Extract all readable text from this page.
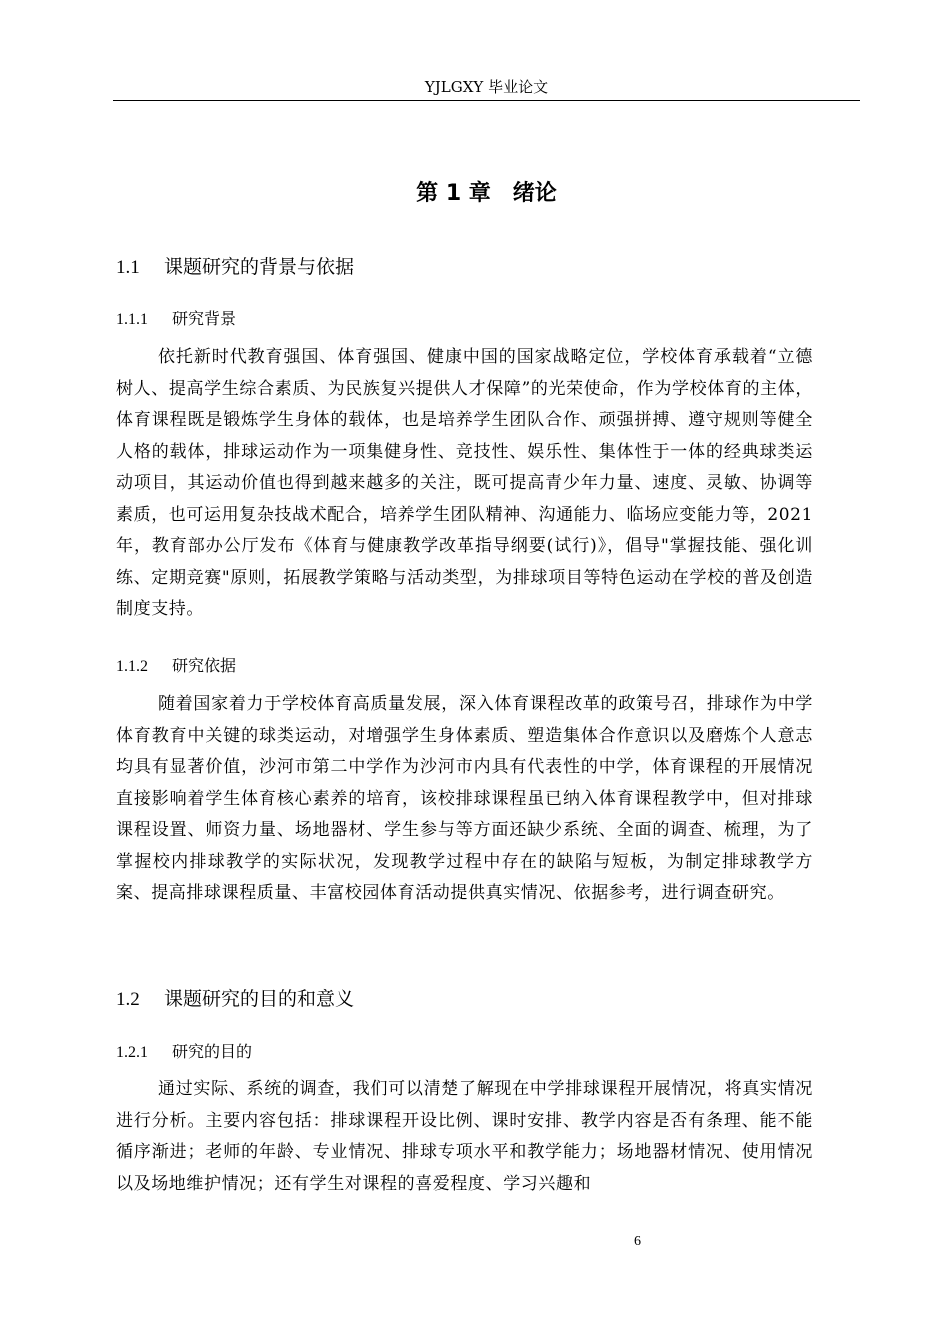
YJLGXY 毕业论文
第 1 章　绪论
1.1 课题研究的背景与依据
1.1.1 研究背景
依托新时代教育强国、体育强国、健康中国的国家战略定位，学校体育承载着“立德树人、提高学生综合素质、为民族复兴提供人才保障”的光荣使命，作为学校体育的主体，体育课程既是锻炼学生身体的载体，也是培养学生团队合作、顽强拼搏、遵守规则等健全人格的载体，排球运动作为一项集健身性、竞技性、娱乐性、集体性于一体的经典球类运动项目，其运动价值也得到越来越多的关注，既可提高青少年力量、速度、灵敏、协调等素质，也可运用复杂技战术配合，培养学生团队精神、沟通能力、临场应变能力等，2021 年，教育部办公厅发布《体育与健康教学改革指导纲要(试行)》，倡导"掌握技能、强化训练、定期竞赛"原则，拓展教学策略与活动类型，为排球项目等特色运动在学校的普及创造制度支持。
1.1.2 研究依据
随着国家着力于学校体育高质量发展，深入体育课程改革的政策号召，排球作为中学体育教育中关键的球类运动，对增强学生身体素质、塑造集体合作意识以及磨炼个人意志均具有显著价值，沙河市第二中学作为沙河市内具有代表性的中学，体育课程的开展情况直接影响着学生体育核心素养的培育，该校排球课程虽已纳入体育课程教学中，但对排球课程设置、师资力量、场地器材、学生参与等方面还缺少系统、全面的调查、梳理，为了掌握校内排球教学的实际状况，发现教学过程中存在的缺陷与短板，为制定排球教学方案、提高排球课程质量、丰富校园体育活动提供真实情况、依据参考，进行调查研究。
1.2 课题研究的目的和意义
1.2.1 研究的目的
通过实际、系统的调查，我们可以清楚了解现在中学排球课程开展情况，将真实情况进行分析。主要内容包括：排球课程开设比例、课时安排、教学内容是否有条理、能不能循序渐进；老师的年龄、专业情况、排球专项水平和教学能力；场地器材情况、使用情况以及场地维护情况；还有学生对课程的喜爱程度、学习兴趣和
6
